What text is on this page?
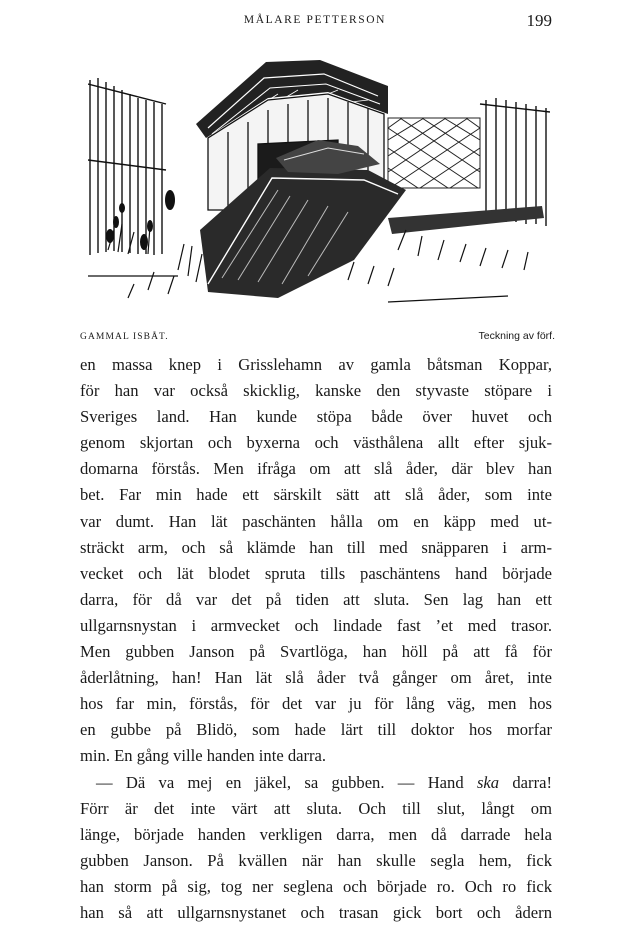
MÅLARE PETTERSON	199
GAMMAL ISBÅT.	Teckning av förf.
en massa knep i Grisslehamn av gamla båtsman Koppar,
för han var också skicklig, kanske den styvaste stöpare i
Sveriges land. Han kunde stöpa både över huvet och
genom skjortan och byxerna och västhålena allt efter sjuk-
domarna förstås. Men ifråga om att slå åder, där blev han
bet. Far min hade ett särskilt sätt att slå åder, som inte
var dumt. Han lät paschänten hålla om en käpp med ut-
sträckt arm, och så klämde han till med snäpparen i arm-
vecket och lät blodet spruta tills paschäntens hand började
darra, för då var det på tiden att sluta. Sen lag han ett
ullgarnsnystan i armvecket och lindade fast ’et med trasor.
Men gubben Janson på Svartlöga, han höll på att få för
åderlåtning, han! Han lät slå åder två gånger om året, inte
hos far min, förstås, för det var ju för lång väg, men hos
en gubbe på Blidö, som hade lärt till doktor hos morfar
min. En gång ville handen inte darra.
— Dä va mej en jäkel, sa gubben. — Hand ska darra!
Förr är det inte värt att sluta. Och till slut, långt om
länge, började handen verkligen darra, men då darrade hela
gubben Janson. På kvällen när han skulle segla hem, fick
han storm på sig, tog ner seglena och började ro. Och ro fick
han så att ullgarnsnystanet och trasan gick bort och ådern
